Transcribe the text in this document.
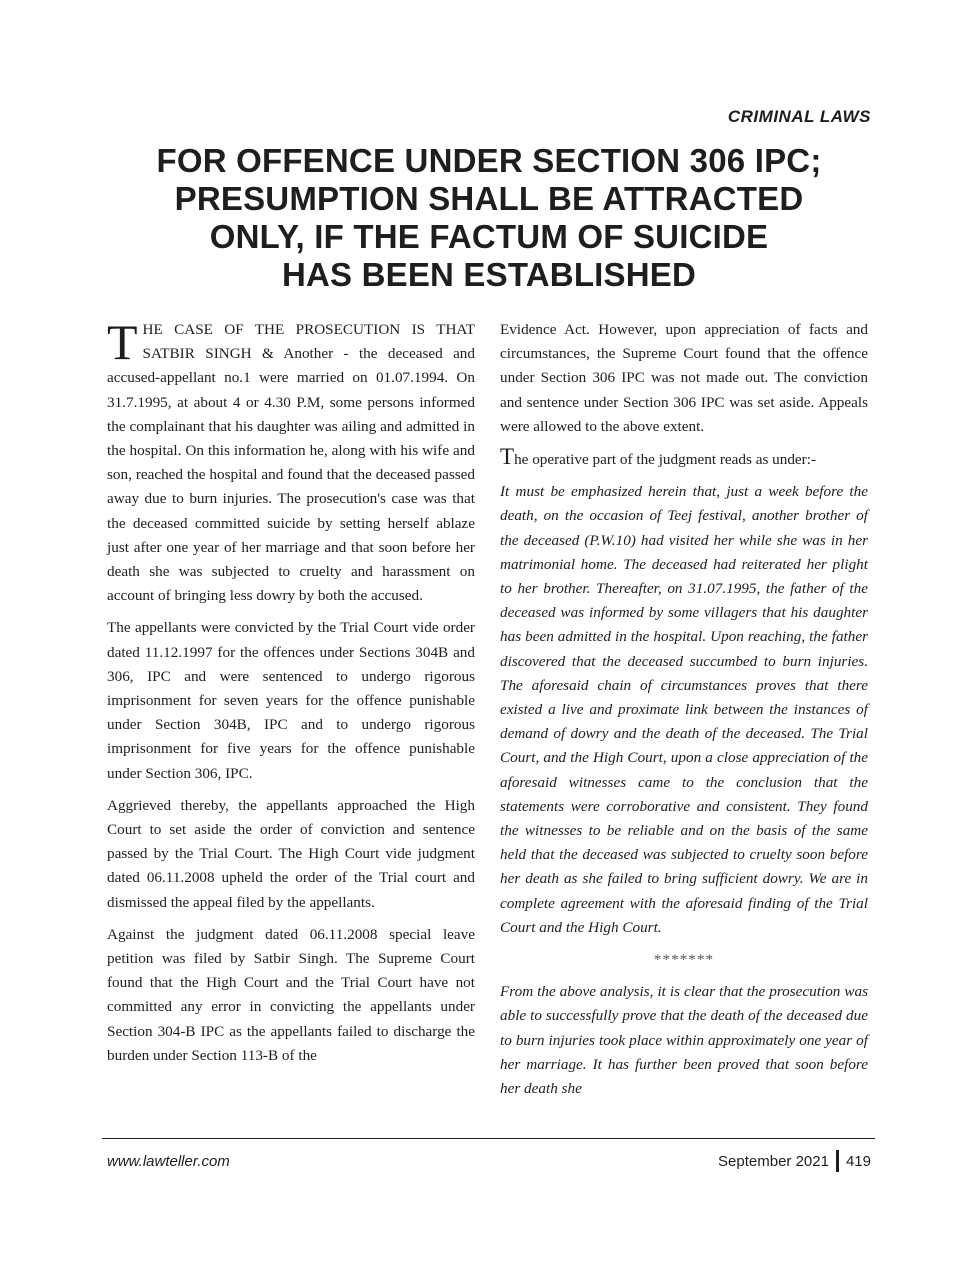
CRIMINAL LAWS
FOR OFFENCE UNDER SECTION 306 IPC;
PRESUMPTION SHALL BE ATTRACTED
ONLY, IF THE FACTUM OF SUICIDE
HAS BEEN ESTABLISHED

THE CASE OF THE PROSECUTION IS THAT SATBIR SINGH & Another - the deceased and accused-appellant no.1 were married on 01.07.1994. On 31.7.1995, at about 4 or 4.30 P.M, some persons informed the complainant that his daughter was ailing and admitted in the hospital. On this information he, along with his wife and son, reached the hospital and found that the deceased passed away due to burn injuries. The prosecution's case was that the deceased committed suicide by setting herself ablaze just after one year of her marriage and that soon before her death she was subjected to cruelty and harassment on account of bringing less dowry by both the accused.

The appellants were convicted by the Trial Court vide order dated 11.12.1997 for the offences under Sections 304B and 306, IPC and were sentenced to undergo rigorous imprisonment for seven years for the offence punishable under Section 304B, IPC and to undergo rigorous imprisonment for five years for the offence punishable under Section 306, IPC.

Aggrieved thereby, the appellants approached the High Court to set aside the order of conviction and sentence passed by the Trial Court. The High Court vide judgment dated 06.11.2008 upheld the order of the Trial court and dismissed the appeal filed by the appellants.

Against the judgment dated 06.11.2008 special leave petition was filed by Satbir Singh. The Supreme Court found that the High Court and the Trial Court have not committed any error in convicting the appellants under Section 304-B IPC as the appellants failed to discharge the burden under Section 113-B of the

Evidence Act. However, upon appreciation of facts and circumstances, the Supreme Court found that the offence under Section 306 IPC was not made out. The conviction and sentence under Section 306 IPC was set aside. Appeals were allowed to the above extent.

The operative part of the judgment reads as under:-

It must be emphasized herein that, just a week before the death, on the occasion of Teej festival, another brother of the deceased (P.W.10) had visited her while she was in her matrimonial home. The deceased had reiterated her plight to her brother. Thereafter, on 31.07.1995, the father of the deceased was informed by some villagers that his daughter has been admitted in the hospital. Upon reaching, the father discovered that the deceased succumbed to burn injuries. The aforesaid chain of circumstances proves that there existed a live and proximate link between the instances of demand of dowry and the death of the deceased. The Trial Court, and the High Court, upon a close appreciation of the aforesaid witnesses came to the conclusion that the statements were corroborative and consistent. They found the witnesses to be reliable and on the basis of the same held that the deceased was subjected to cruelty soon before her death as she failed to bring sufficient dowry. We are in complete agreement with the aforesaid finding of the Trial Court and the High Court.

*******

From the above analysis, it is clear that the prosecution was able to successfully prove that the death of the deceased due to burn injuries took place within approximately one year of her marriage. It has further been proved that soon before her death she

www.lawteller.com	September 2021 419
